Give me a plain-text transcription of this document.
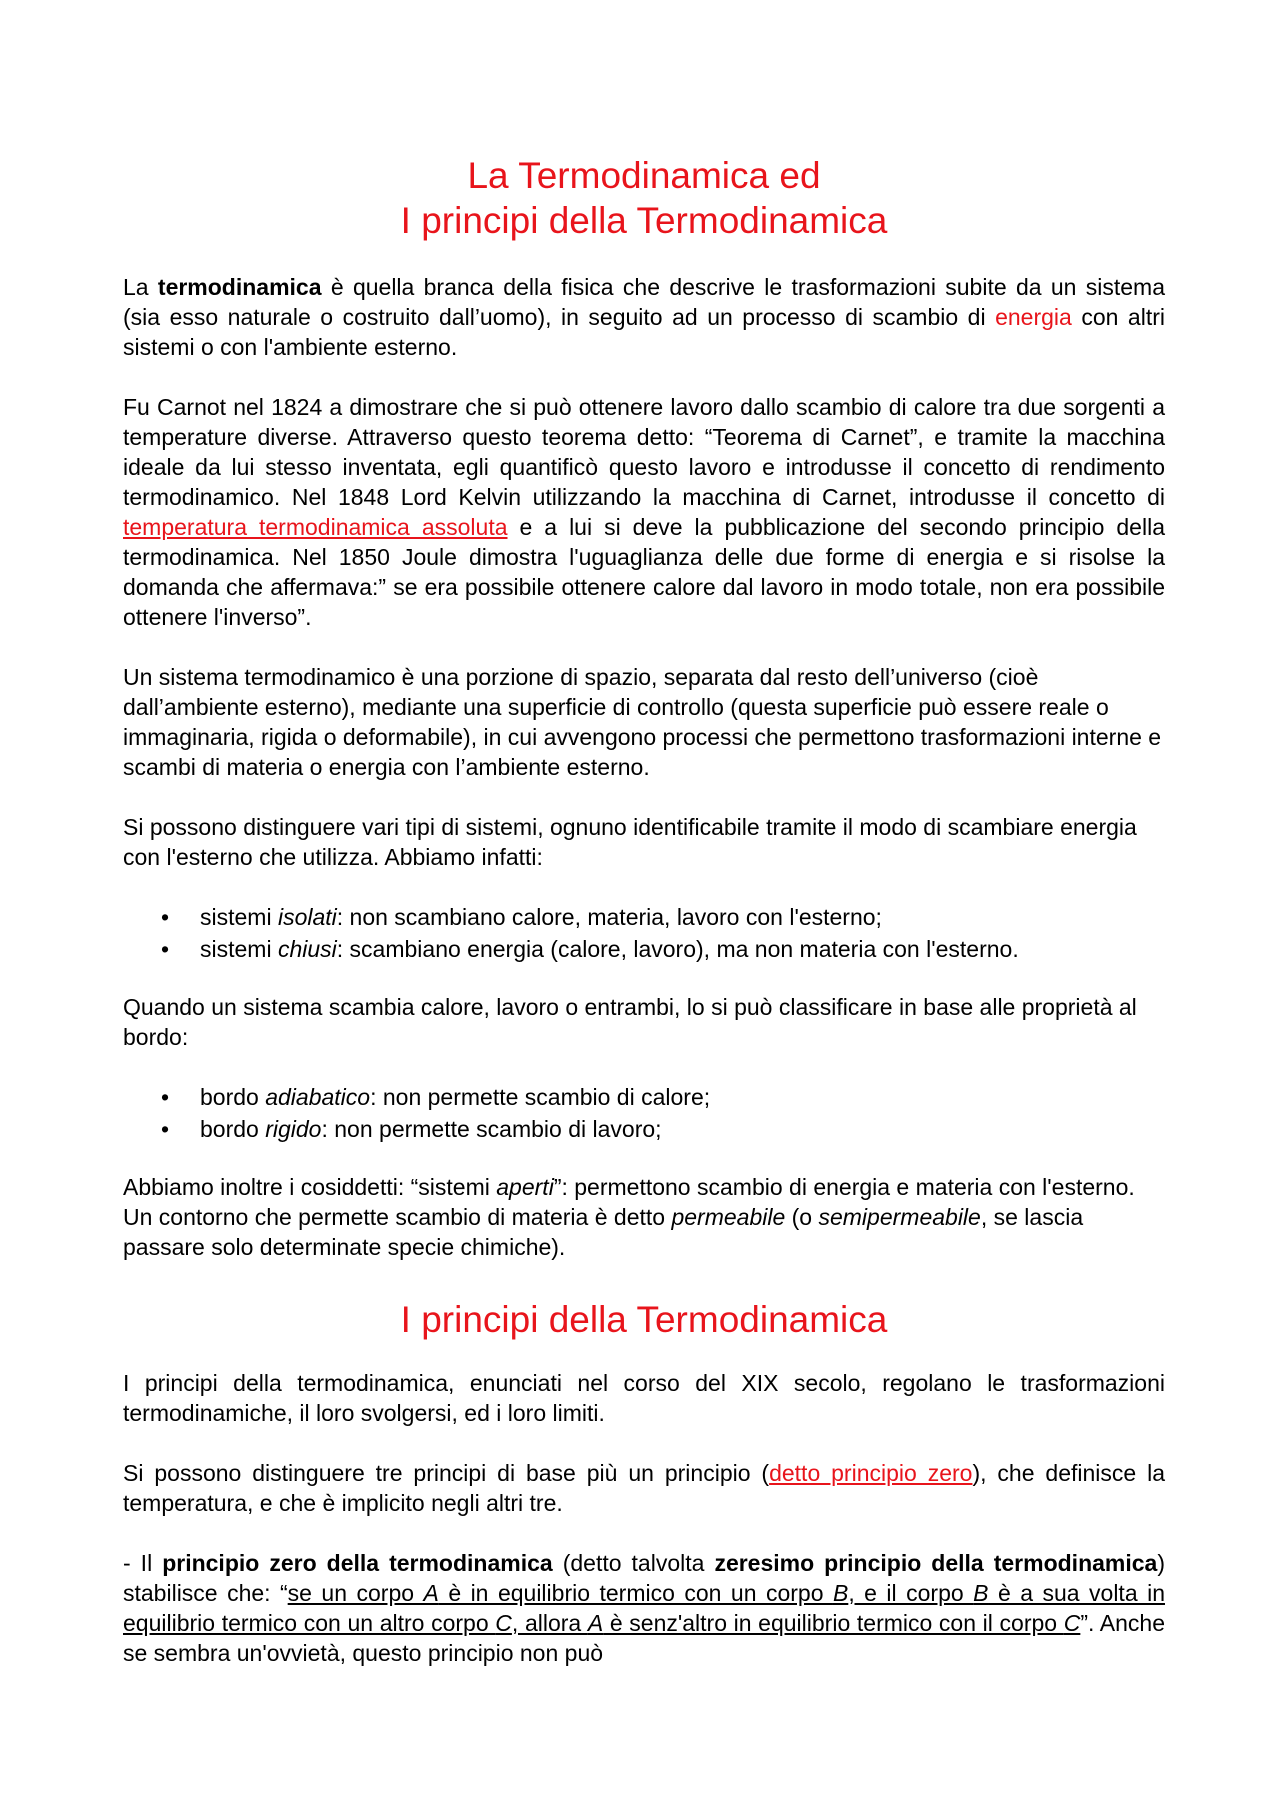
La Termodinamica ed
I principi della Termodinamica

La termodinamica è quella branca della fisica che descrive le trasformazioni subite da un sistema (sia esso naturale o costruito dall’uomo), in seguito ad un processo di scambio di energia con altri sistemi o con l'ambiente esterno.

Fu Carnot nel 1824 a dimostrare che si può ottenere lavoro dallo scambio di calore tra due sorgenti a temperature diverse. Attraverso questo teorema detto: “Teorema di Carnet”, e tramite la macchina ideale da lui stesso inventata, egli quantificò questo lavoro e introdusse il concetto di rendimento termodinamico. Nel 1848 Lord Kelvin utilizzando la macchina di Carnet, introdusse il concetto di temperatura termodinamica assoluta e a lui si deve la pubblicazione del secondo principio della termodinamica. Nel 1850 Joule dimostra l'uguaglianza delle due forme di energia e si risolse la domanda che affermava:” se era possibile ottenere calore dal lavoro in modo totale, non era possibile ottenere l'inverso”.

Un sistema termodinamico è una porzione di spazio, separata dal resto dell’universo (cioè dall’ambiente esterno), mediante una superficie di controllo (questa superficie può essere reale o immaginaria, rigida o deformabile), in cui avvengono processi che permettono trasformazioni interne e scambi di materia o energia con l’ambiente esterno.

Si possono distinguere vari tipi di sistemi, ognuno identificabile tramite il modo di scambiare energia con l'esterno che utilizza. Abbiamo infatti:

• sistemi isolati: non scambiano calore, materia, lavoro con l'esterno;
• sistemi chiusi: scambiano energia (calore, lavoro), ma non materia con l'esterno.

Quando un sistema scambia calore, lavoro o entrambi, lo si può classificare in base alle proprietà al bordo:

• bordo adiabatico: non permette scambio di calore;
• bordo rigido: non permette scambio di lavoro;

Abbiamo inoltre i cosiddetti: “sistemi aperti”: permettono scambio di energia e materia con l'esterno. Un contorno che permette scambio di materia è detto permeabile (o semipermeabile, se lascia passare solo determinate specie chimiche).

I principi della Termodinamica

I principi della termodinamica, enunciati nel corso del XIX secolo, regolano le trasformazioni termodinamiche, il loro svolgersi, ed i loro limiti.

Si possono distinguere tre principi di base più un principio (detto principio zero), che definisce la temperatura, e che è implicito negli altri tre.

- Il principio zero della termodinamica (detto talvolta zeresimo principio della termodinamica) stabilisce che: “se un corpo A è in equilibrio termico con un corpo B, e il corpo B è a sua volta in equilibrio termico con un altro corpo C, allora A è senz'altro in equilibrio termico con il corpo C”. Anche se sembra un'ovvietà, questo principio non può
